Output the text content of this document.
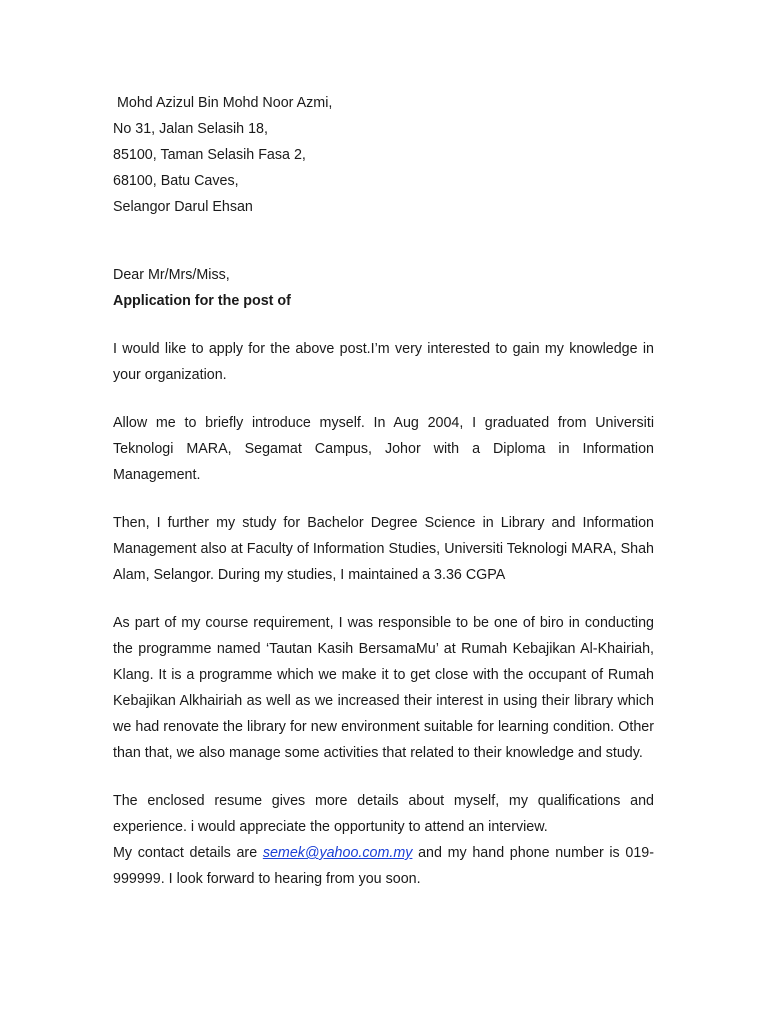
Mohd Azizul Bin Mohd Noor Azmi,
No 31, Jalan Selasih 18,
85100, Taman Selasih Fasa 2,
68100, Batu Caves,
Selangor Darul Ehsan

Dear Mr/Mrs/Miss,

Application for the post of

I would like to apply for the above post.I’m very interested to gain my knowledge in your organization.

Allow me to briefly introduce myself. In Aug 2004, I graduated from Universiti Teknologi MARA, Segamat Campus, Johor with a Diploma in Information Management.

Then, I further my study for Bachelor Degree Science in Library and Information Management also at Faculty of Information Studies, Universiti Teknologi MARA, Shah Alam, Selangor. During my studies, I maintained a 3.36 CGPA

As part of my course requirement, I was responsible to be one of biro in conducting the programme named ‘Tautan Kasih BersamaMu’ at Rumah Kebajikan Al-Khairiah, Klang. It is a programme which we make it to get close with the occupant of Rumah Kebajikan Alkhairiah as well as we increased their interest in using their library which we had renovate the library for new environment suitable for learning condition. Other than that, we also manage some activities that related to their knowledge and study.

The enclosed resume gives more details about myself, my qualifications and experience. i would appreciate the opportunity to attend an interview.

My contact details are semek@yahoo.com.my and my hand phone number is 019-999999. I look forward to hearing from you soon.
